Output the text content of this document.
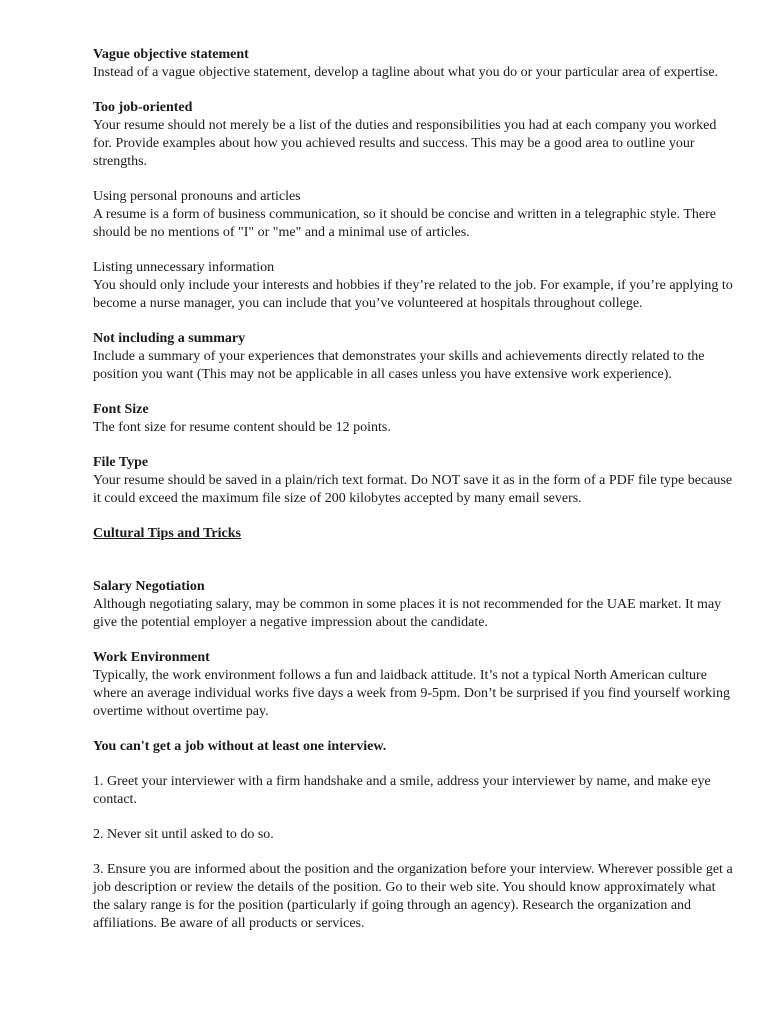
Vague objective statement
Instead of a vague objective statement, develop a tagline about what you do or your particular area of expertise.
Too job-oriented
Your resume should not merely be a list of the duties and responsibilities you had at each company you worked for. Provide examples about how you achieved results and success. This may be a good area to outline your strengths.
Using personal pronouns and articles
A resume is a form of business communication, so it should be concise and written in a telegraphic style. There should be no mentions of "I" or "me" and a minimal use of articles.
Listing unnecessary information
You should only include your interests and hobbies if they’re related to the job. For example, if you’re applying to become a nurse manager, you can include that you’ve volunteered at hospitals throughout college.
Not including a summary
Include a summary of your experiences that demonstrates your skills and achievements directly related to the position you want (This may not be applicable in all cases unless you have extensive work experience).
Font Size
The font size for resume content should be 12 points.
File Type
Your resume should be saved in a plain/rich text format. Do NOT save it as in the form of a PDF file type because it could exceed the maximum file size of 200 kilobytes accepted by many email severs.
Cultural Tips and Tricks
Salary Negotiation
Although negotiating salary, may be common in some places it is not recommended for the UAE market. It may give the potential employer a negative impression about the candidate.
Work Environment
Typically, the work environment follows a fun and laidback attitude. It’s not a typical North American culture where an average individual works five days a week from 9-5pm. Don’t be surprised if you find yourself working overtime without overtime pay.
You can't get a job without at least one interview.
1. Greet your interviewer with a firm handshake and a smile, address your interviewer by name, and make eye contact.
2. Never sit until asked to do so.
3. Ensure you are informed about the position and the organization before your interview. Wherever possible get a job description or review the details of the position. Go to their web site. You should know approximately what the salary range is for the position (particularly if going through an agency). Research the organization and affiliations. Be aware of all products or services.
